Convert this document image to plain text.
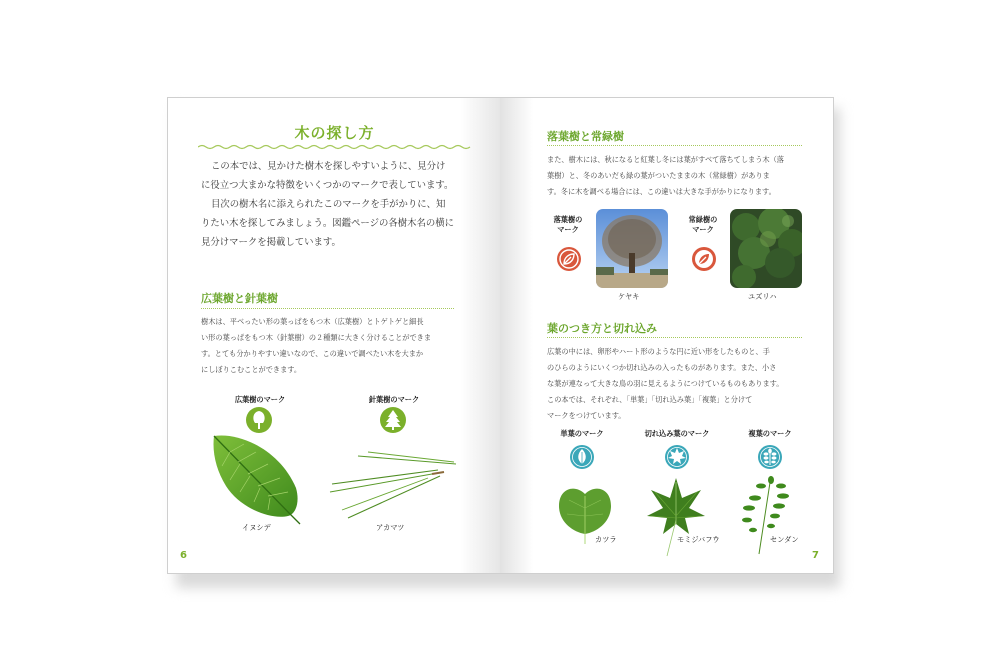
木の探し方
この本では、見かけた樹木を探しやすいように、見分け
に役立つ大まかな特徴をいくつかのマークで表しています。
目次の樹木名に添えられたこのマークを手がかりに、知
りたい木を探してみましょう。図鑑ページの各樹木名の横に
見分けマークを掲載しています。
広葉樹と針葉樹
樹木は、平べったい形の葉っぱをもつ木（広葉樹）とトゲトゲと細長
い形の葉っぱをもつ木（針葉樹）の２種類に大きく分けることができま
す。とても分かりやすい違いなので、この違いで調べたい木を大まか
にしぼりこむことができます。
広葉樹のマーク
イヌシデ
針葉樹のマーク
アカマツ
6
落葉樹と常緑樹
また、樹木には、秋になると紅葉し冬には葉がすべて落ちてしまう木（落
葉樹）と、冬のあいだも緑の葉がついたままの木（常緑樹）がありま
す。冬に木を調べる場合には、この違いは大きな手がかりになります。
落葉樹の
マーク
ケヤキ
常緑樹の
マーク
ユズリハ
葉のつき方と切れ込み
広葉の中には、卵形やハート形のような円に近い形をしたものと、手
のひらのようにいくつか切れ込みの入ったものがあります。また、小さ
な葉が連なって大きな鳥の羽に見えるようにつけているものもあります。
この本では、それぞれ、「単葉」「切れ込み葉」「複葉」と分けて
マークをつけています。
単葉のマーク
カツラ
切れ込み葉のマーク
モミジバフウ
複葉のマーク
センダン
7
